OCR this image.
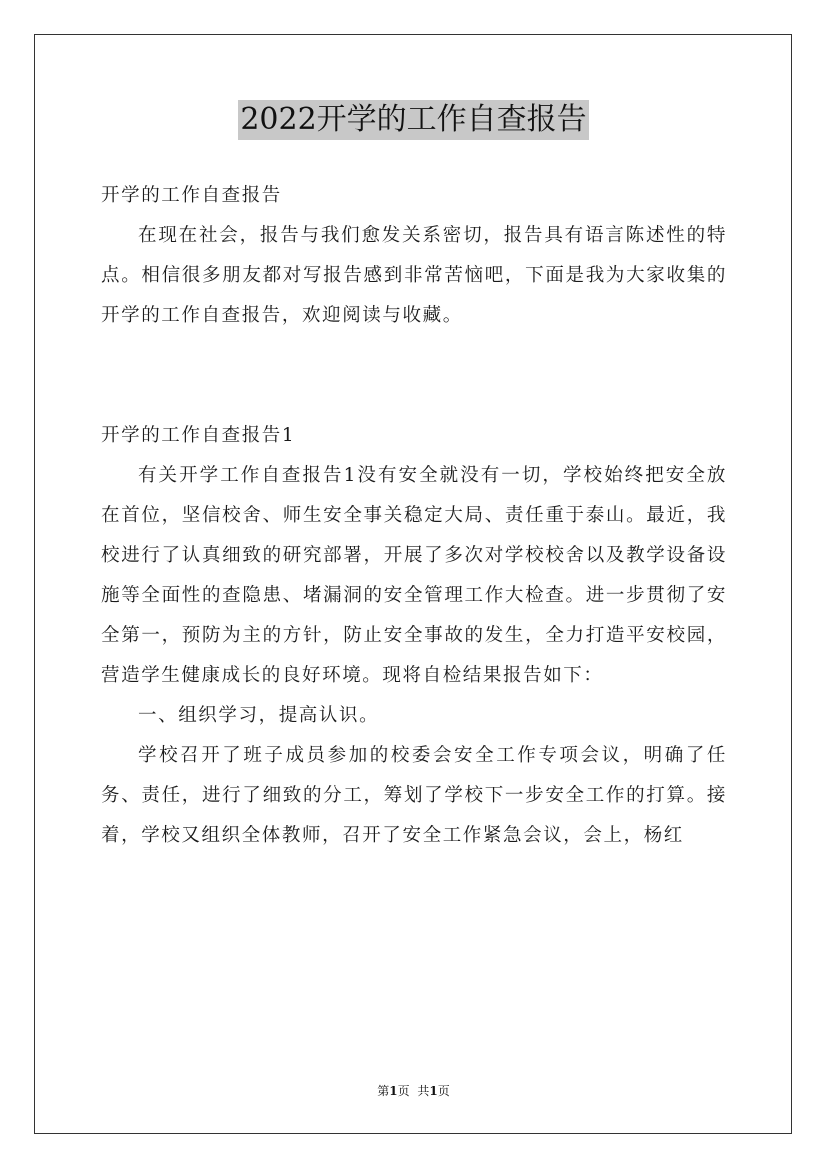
2022开学的工作自查报告

开学的工作自查报告

在现在社会，报告与我们愈发关系密切，报告具有语言陈述性的特点。相信很多朋友都对写报告感到非常苦恼吧，下面是我为大家收集的开学的工作自查报告，欢迎阅读与收藏。

开学的工作自查报告1

有关开学工作自查报告1没有安全就没有一切，学校始终把安全放在首位，坚信校舍、师生安全事关稳定大局、责任重于泰山。最近，我校进行了认真细致的研究部署，开展了多次对学校校舍以及教学设备设施等全面性的查隐患、堵漏洞的安全管理工作大检查。进一步贯彻了安全第一，预防为主的方针，防止安全事故的发生，全力打造平安校园，营造学生健康成长的良好环境。现将自检结果报告如下：

一、组织学习，提高认识。

学校召开了班子成员参加的校委会安全工作专项会议，明确了任务、责任，进行了细致的分工，筹划了学校下一步安全工作的打算。接着，学校又组织全体教师，召开了安全工作紧急会议，会上，杨红

第1页 共1页
